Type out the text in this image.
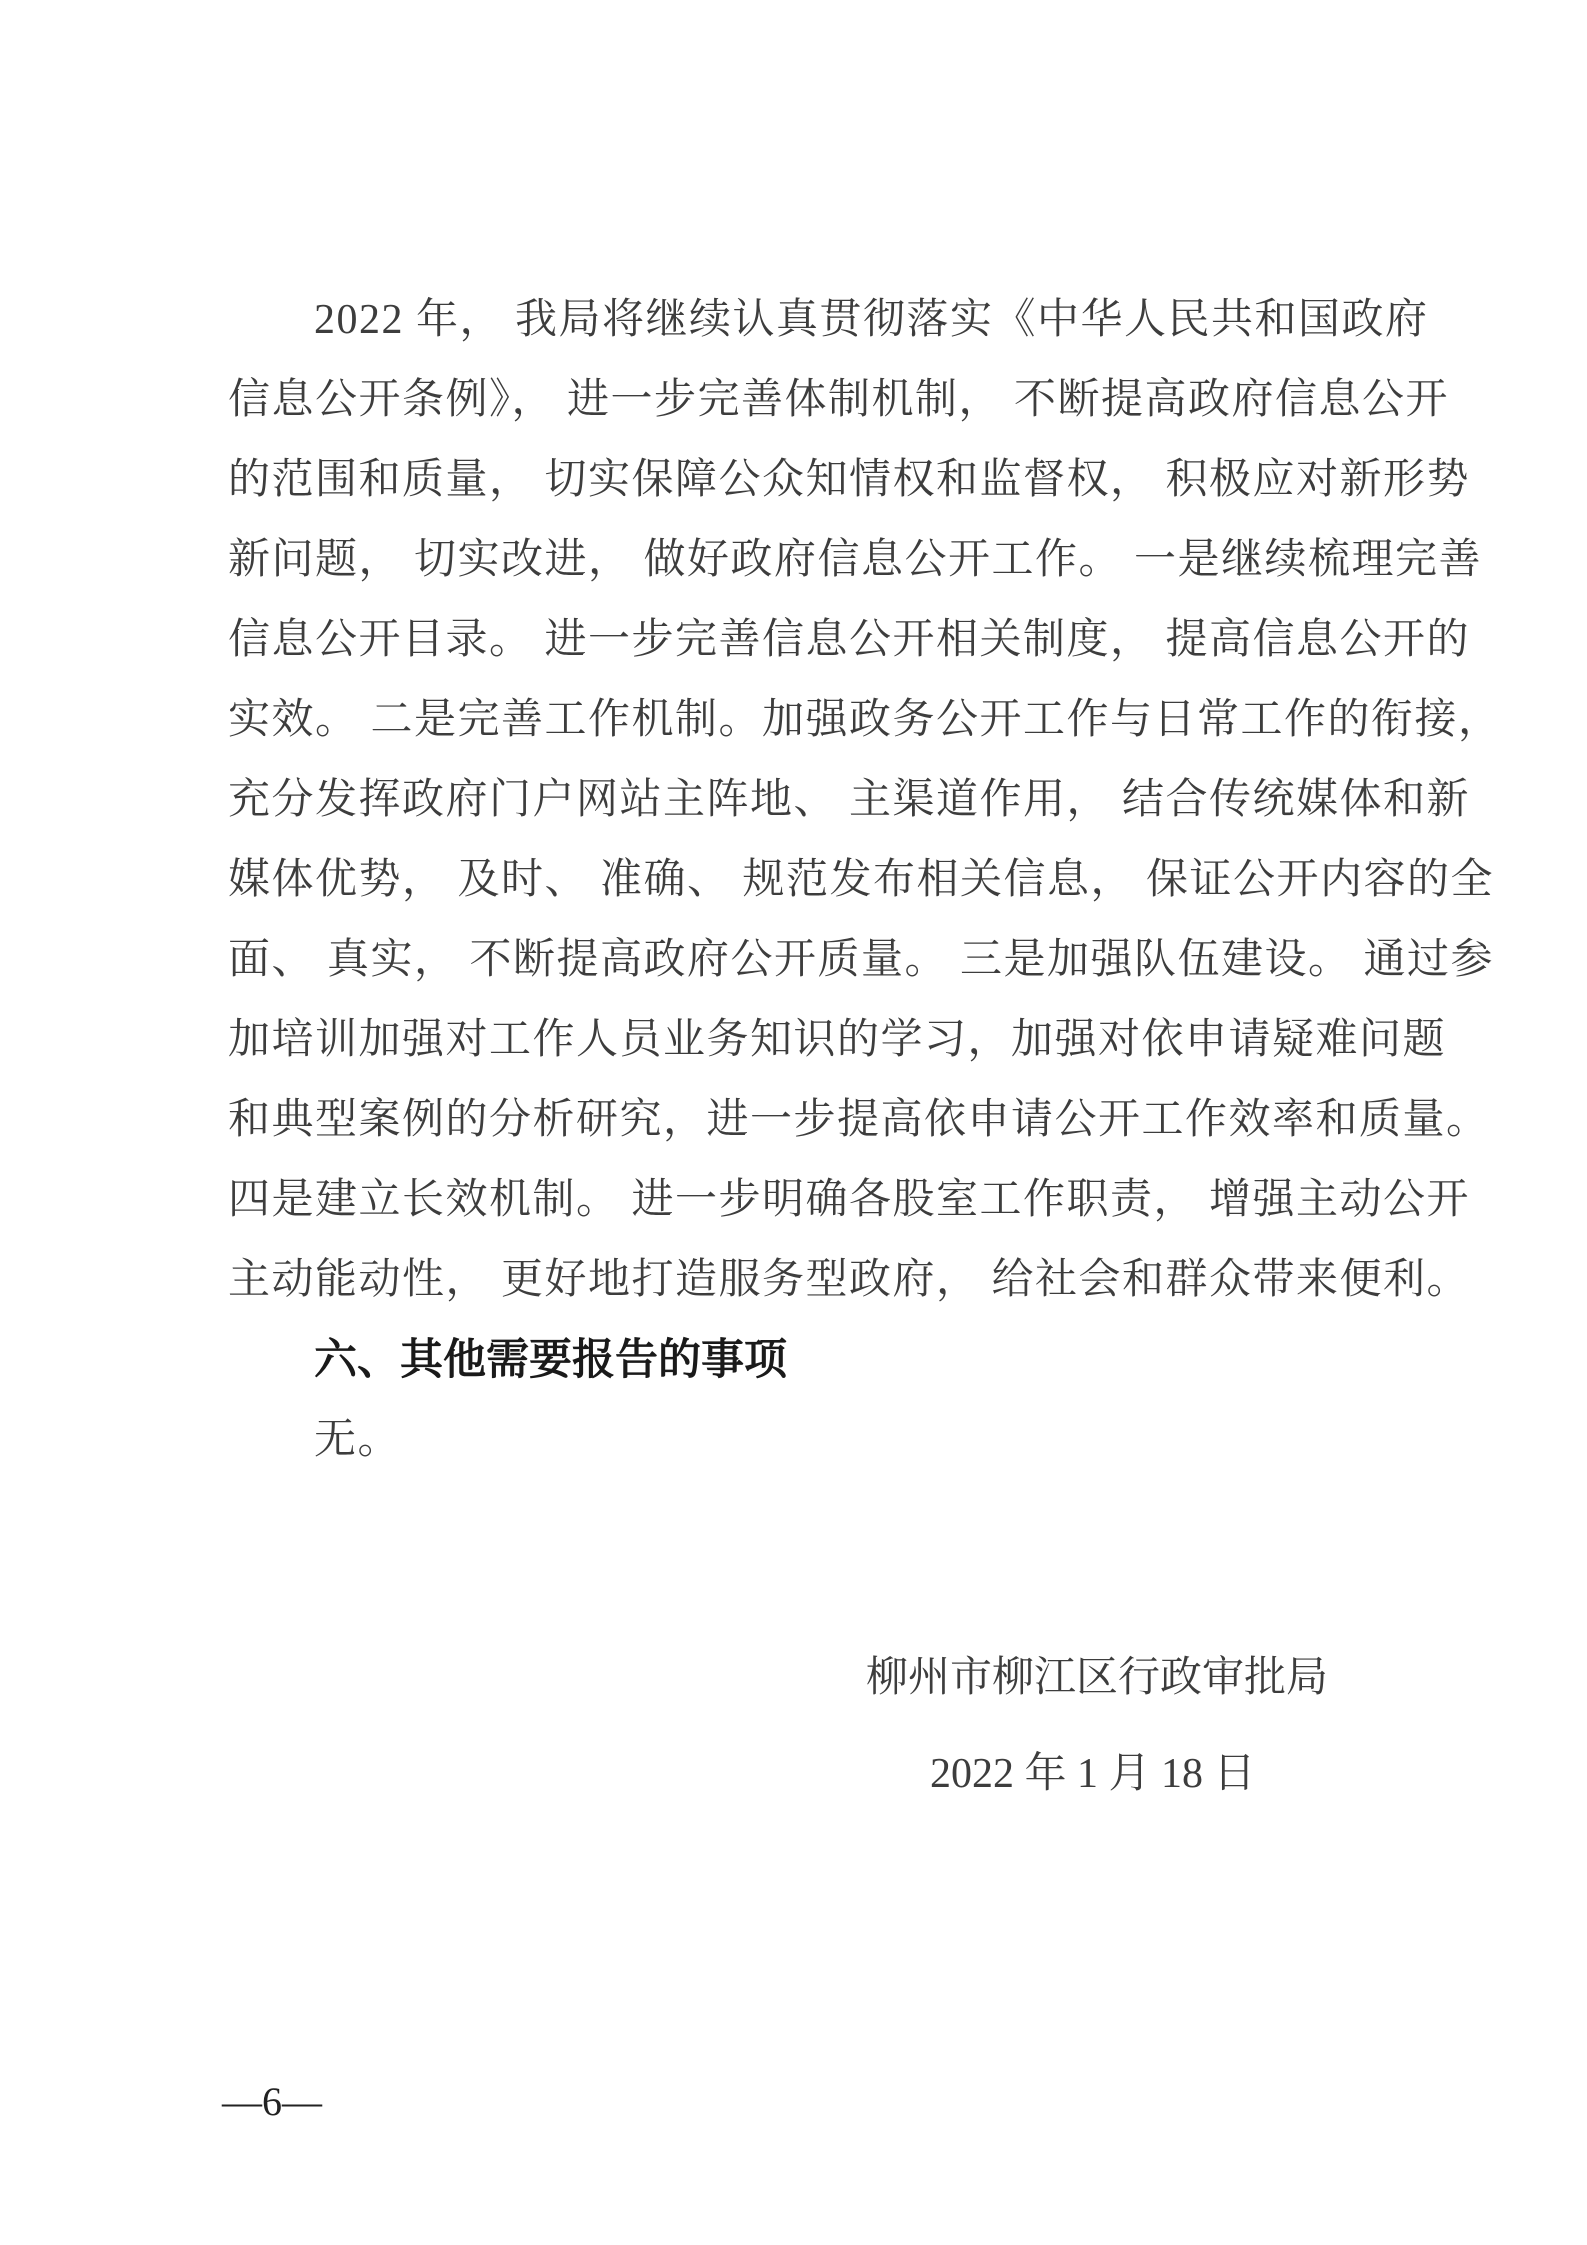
2022 年， 我局将继续认真贯彻落实《中华人民共和国政府
信息公开条例》， 进一步完善体制机制， 不断提高政府信息公开
的范围和质量， 切实保障公众知情权和监督权， 积极应对新形势
新问题， 切实改进， 做好政府信息公开工作。 一是继续梳理完善
信息公开目录。 进一步完善信息公开相关制度， 提高信息公开的
实效。 二是完善工作机制。加强政务公开工作与日常工作的衔接，
充分发挥政府门户网站主阵地、 主渠道作用， 结合传统媒体和新
媒体优势， 及时、 准确、 规范发布相关信息， 保证公开内容的全
面、 真实， 不断提高政府公开质量。 三是加强队伍建设。 通过参
加培训加强对工作人员业务知识的学习，加强对依申请疑难问题
和典型案例的分析研究，进一步提高依申请公开工作效率和质量。
四是建立长效机制。 进一步明确各股室工作职责， 增强主动公开
主动能动性， 更好地打造服务型政府， 给社会和群众带来便利。
六、其他需要报告的事项
无。
柳州市柳江区行政审批局
2022 年 1 月 18 日
—6—
